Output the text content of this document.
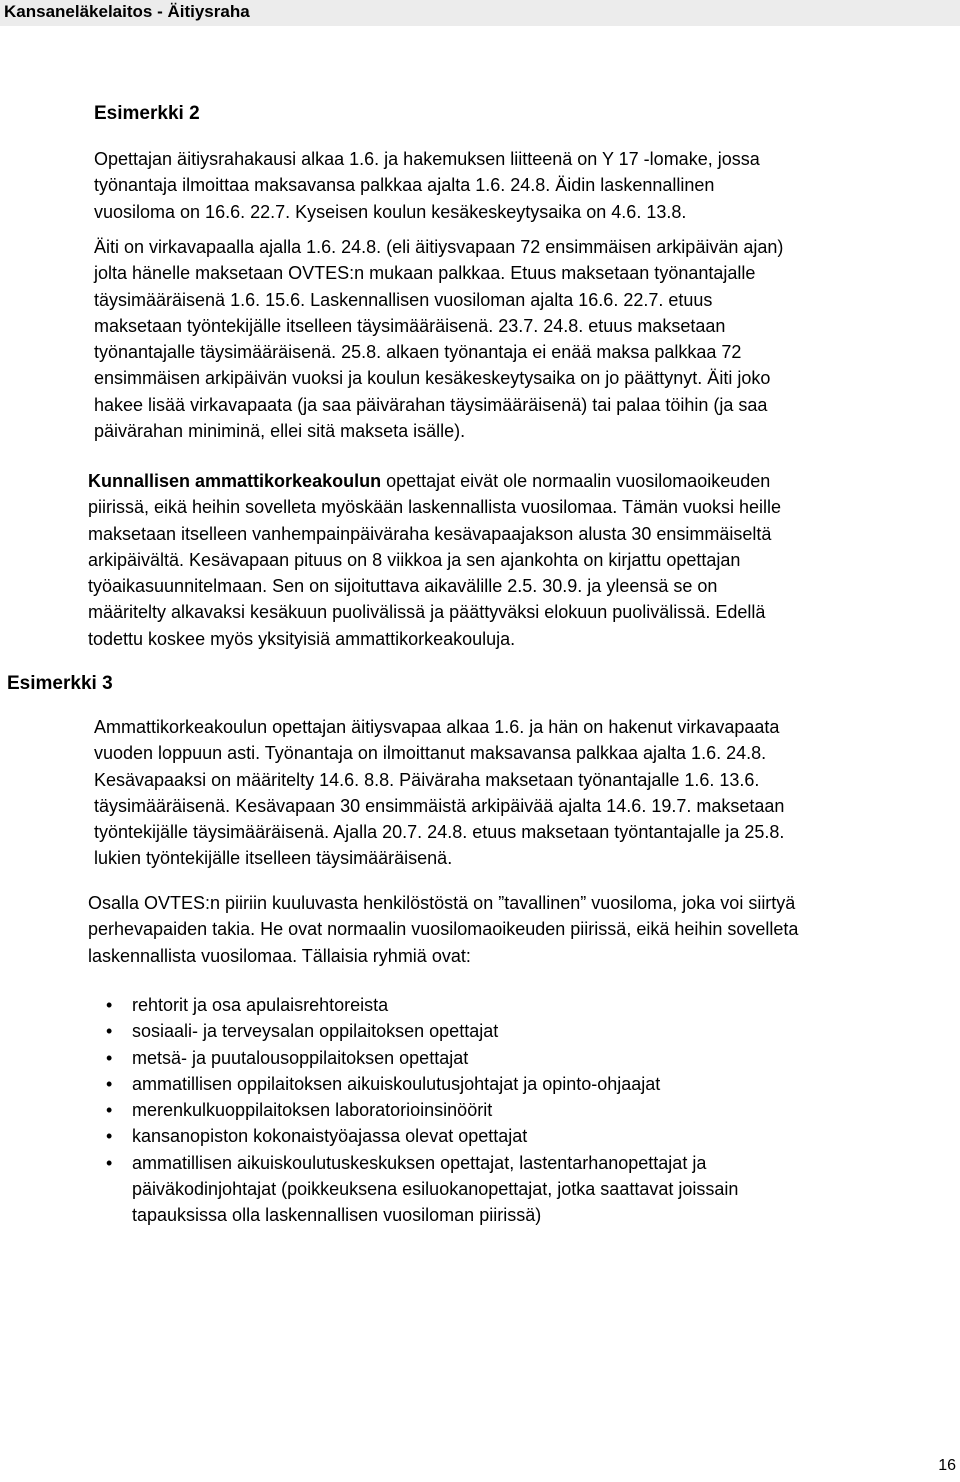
Kansaneläkelaitos - Äitiysraha
Esimerkki 2
Opettajan äitiysrahakausi alkaa 1.6. ja hakemuksen liitteenä on Y 17 -lomake, jossa
työnantaja ilmoittaa maksavansa palkkaa ajalta 1.6. 24.8. Äidin laskennallinen
vuosiloma on 16.6. 22.7. Kyseisen koulun kesäkeskeytysaika on 4.6. 13.8.
Äiti on virkavapaalla ajalla 1.6. 24.8. (eli äitiysvapaan 72 ensimmäisen arkipäivän ajan)
jolta hänelle maksetaan OVTES:n mukaan palkkaa. Etuus maksetaan työnantajalle
täysimääräisenä 1.6. 15.6. Laskennallisen vuosiloman ajalta 16.6. 22.7. etuus
maksetaan työntekijälle itselleen täysimääräisenä. 23.7. 24.8. etuus maksetaan
työnantajalle täysimääräisenä. 25.8. alkaen työnantaja ei enää maksa palkkaa 72
ensimmäisen arkipäivän vuoksi ja koulun kesäkeskeytysaika on jo päättynyt. Äiti joko
hakee lisää virkavapaata (ja saa päivärahan täysimääräisenä) tai palaa töihin (ja saa
päivärahan miniminä, ellei sitä makseta isälle).
Kunnallisen ammattikorkeakoulun opettajat eivät ole normaalin vuosilomaoikeuden
piirissä, eikä heihin sovelleta myöskään laskennallista vuosilomaa. Tämän vuoksi heille
maksetaan itselleen vanhempainpäiväraha kesävapaajakson alusta 30 ensimmäiseltä
arkipäivältä. Kesävapaan pituus on 8 viikkoa ja sen ajankohta on kirjattu opettajan
työaikasuunnitelmaan. Sen on sijoituttava aikavälille 2.5. 30.9. ja yleensä se on
määritelty alkavaksi kesäkuun puolivälissä ja päättyväksi elokuun puolivälissä. Edellä
todettu koskee myös yksityisiä ammattikorkeakouluja.
Esimerkki 3
Ammattikorkeakoulun opettajan äitiysvapaa alkaa 1.6. ja hän on hakenut virkavapaata
vuoden loppuun asti. Työnantaja on ilmoittanut maksavansa palkkaa ajalta 1.6. 24.8.
Kesävapaaksi on määritelty 14.6. 8.8. Päiväraha maksetaan työnantajalle 1.6. 13.6.
täysimääräisenä. Kesävapaan 30 ensimmäistä arkipäivää ajalta 14.6. 19.7. maksetaan
työntekijälle täysimääräisenä. Ajalla 20.7. 24.8. etuus maksetaan työntantajalle ja 25.8.
lukien työntekijälle itselleen täysimääräisenä.
Osalla OVTES:n piiriin kuuluvasta henkilöstöstä on ”tavallinen” vuosiloma, joka voi siirtyä
perhevapaiden takia. He ovat normaalin vuosilomaoikeuden piirissä, eikä heihin sovelleta
laskennallista vuosilomaa. Tällaisia ryhmiä ovat:
• rehtorit ja osa apulaisrehtoreista
• sosiaali- ja terveysalan oppilaitoksen opettajat
• metsä- ja puutalousoppilaitoksen opettajat
• ammatillisen oppilaitoksen aikuiskoulutusjohtajat ja opinto-ohjaajat
• merenkulkuoppilaitoksen laboratorioinsinöörit
• kansanopiston kokonaistyöajassa olevat opettajat
• ammatillisen aikuiskoulutuskeskuksen opettajat, lastentarhanopettajat ja
päiväkodinjohtajat (poikkeuksena esiluokanopettajat, jotka saattavat joissain
tapauksissa olla laskennallisen vuosiloman piirissä)
16
